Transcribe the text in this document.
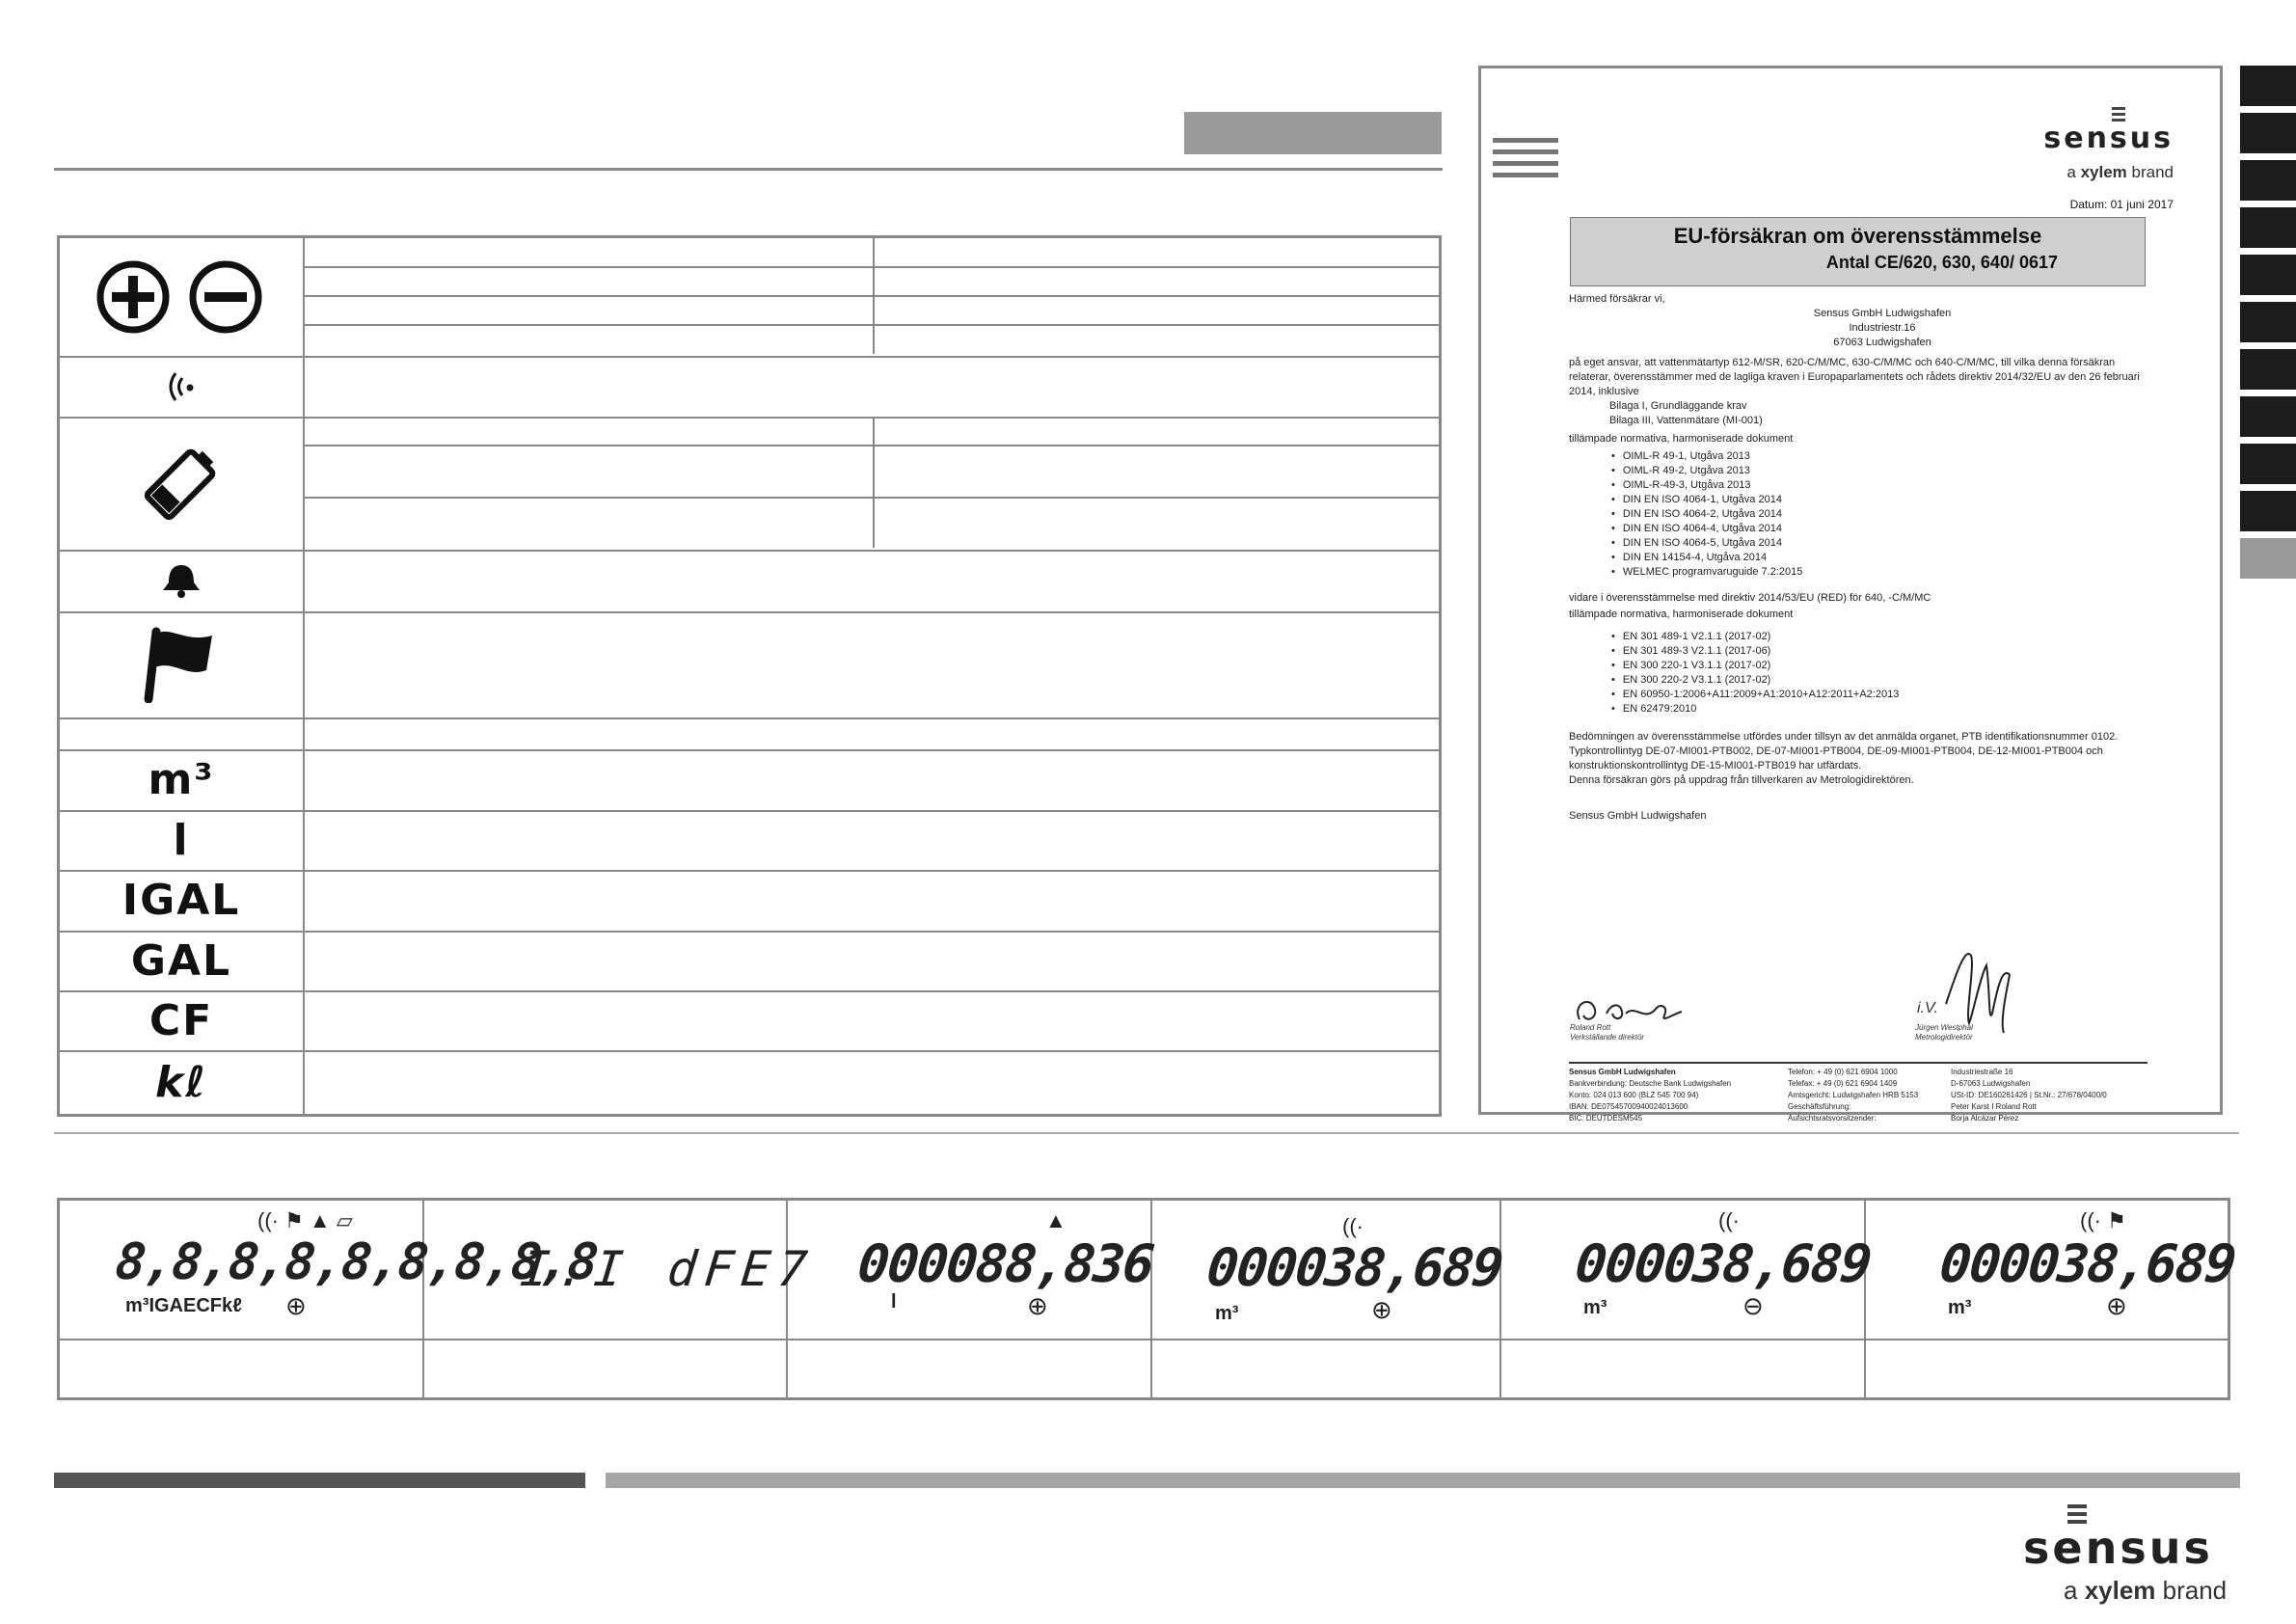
m³
l
IGAL
GAL
CF
kℓ
sensus
a xylem brand
Datum: 01 juni 2017
EU-försäkran om överensstämmelse
Antal CE/620, 630, 640/ 0617
Härmed försäkrar vi,
Sensus GmbH Ludwigshafen
Industriestr.16
67063 Ludwigshafen
på eget ansvar, att vattenmätartyp 612-M/SR, 620-C/M/MC, 630-C/M/MC och 640-C/M/MC, till vilka denna försäkran relaterar, överensstämmer med de lagliga kraven i Europaparlamentets och rådets direktiv 2014/32/EU av den 26 februari 2014, inklusive
Bilaga I, Grundläggande krav
Bilaga III, Vattenmätare (MI-001)
tillämpade normativa, harmoniserade dokument
• OIML-R 49-1, Utgåva 2013
• OIML-R 49-2, Utgåva 2013
• OIML-R-49-3, Utgåva 2013
• DIN EN ISO 4064-1, Utgåva 2014
• DIN EN ISO 4064-2, Utgåva 2014
• DIN EN ISO 4064-4, Utgåva 2014
• DIN EN ISO 4064-5, Utgåva 2014
• DIN EN 14154-4, Utgåva 2014
• WELMEC programvaruguide 7.2:2015
vidare i överensstämmelse med direktiv 2014/53/EU (RED) för 640, -C/M/MC
tillämpade normativa, harmoniserade dokument
• EN 301 489-1 V2.1.1 (2017-02)
• EN 301 489-3 V2.1.1 (2017-06)
• EN 300 220-1 V3.1.1 (2017-02)
• EN 300 220-2 V3.1.1 (2017-02)
• EN 60950-1:2006+A11:2009+A1:2010+A12:2011+A2:2013
• EN 62479:2010
Bedömningen av överensstämmelse utfördes under tillsyn av det anmälda organet, PTB identifikationsnummer 0102. Typkontrollintyg DE-07-MI001-PTB002, DE-07-MI001-PTB004, DE-09-MI001-PTB004, DE-12-MI001-PTB004 och konstruktionskontrollintyg DE-15-MI001-PTB019 har utfärdats.
Denna försäkran görs på uppdrag från tillverkaren av Metrologidirektören.
Sensus GmbH Ludwigshafen
Roland Rott
Verkställande direktör
i.V.
Jürgen Westphal
Metrologidirektör
Sensus GmbH Ludwigshafen
Bankverbindung: Deutsche Bank Ludwigshafen
Konto: 024 013 600 (BLZ 545 700 94)
IBAN: DE07545700940024013600
BIC: DEUTDESM545
Telefon: + 49 (0) 621 6904 1000
Telefax: + 49 (0) 621 6904 1409
Amtsgericht: Ludwigshafen HRB 5153
Geschäftsführung:
Aufsichtsratsvorsitzender:
Industriestraße 16
D-67063 Ludwigshafen
USt-ID: DE160261426 | St.Nr.: 27/678/0400/0
Peter Karst I Roland Rott
Borja Alcázar Pérez
((· ⚑ ▲ ▱
8,8,8,8,8,8,8,8,8
m³IGAECFkℓ ⊕
I.I dFE7
▲
000088,836
l	⊕
((·
000038,689
m³	⊕
((·
000038,689
m³	⊖
((· ⚑
000038,689
m³	⊕
sensus
a xylem brand
